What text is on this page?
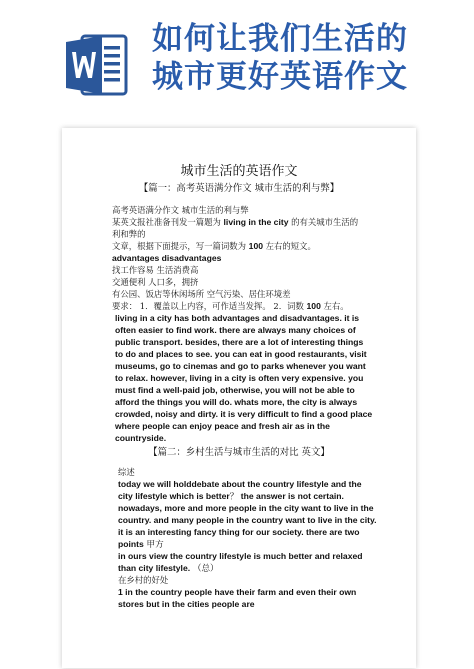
如何让我们生活的
城市更好英语作文
城市生活的英语作文
【篇一：高考英语满分作文 城市生活的利与弊】
高考英语满分作文 城市生活的利与弊
某英文报社准备刊发一篇题为 living in the city 的有关城市生活的
利和弊的
文章，根据下面提示，写一篇词数为 100 左右的短文。
advantages disadvantages
找工作容易 生活消费高
交通便利 人口多，拥挤
有公园、饭店等休闲场所 空气污染、居住环境差
要求： 1．覆盖以上内容，可作适当发挥。 2．词数 100 左右。
living in a city has both advantages and disadvantages. it is
often easier to find work. there are always many choices of
public transport. besides, there are a lot of interesting things
to do and places to see. you can eat in good restaurants, visit
museums, go to cinemas and go to parks whenever you want
to relax. however, living in a city is often very expensive. you
must find a well-paid job, otherwise, you will not be able to
afford the things you will do. whats more, the city is always
crowded, noisy and dirty. it is very difficult to find a good place
where people can enjoy peace and fresh air as in the
countryside.
【篇二：乡村生活与城市生活的对比 英文】
综述
today we will holddebate about the country lifestyle and the
city lifestyle which is better？ the answer is not certain.
nowadays, more and more people in the city want to live in the
country. and many people in the country want to live in the city.
it is an interesting fancy thing for our society. there are two
points 甲方
in ours view the country lifestyle is much better and relaxed
than city lifestyle. （总）
在乡村的好处
1 in the country people have their farm and even their own
stores but in the cities people are
